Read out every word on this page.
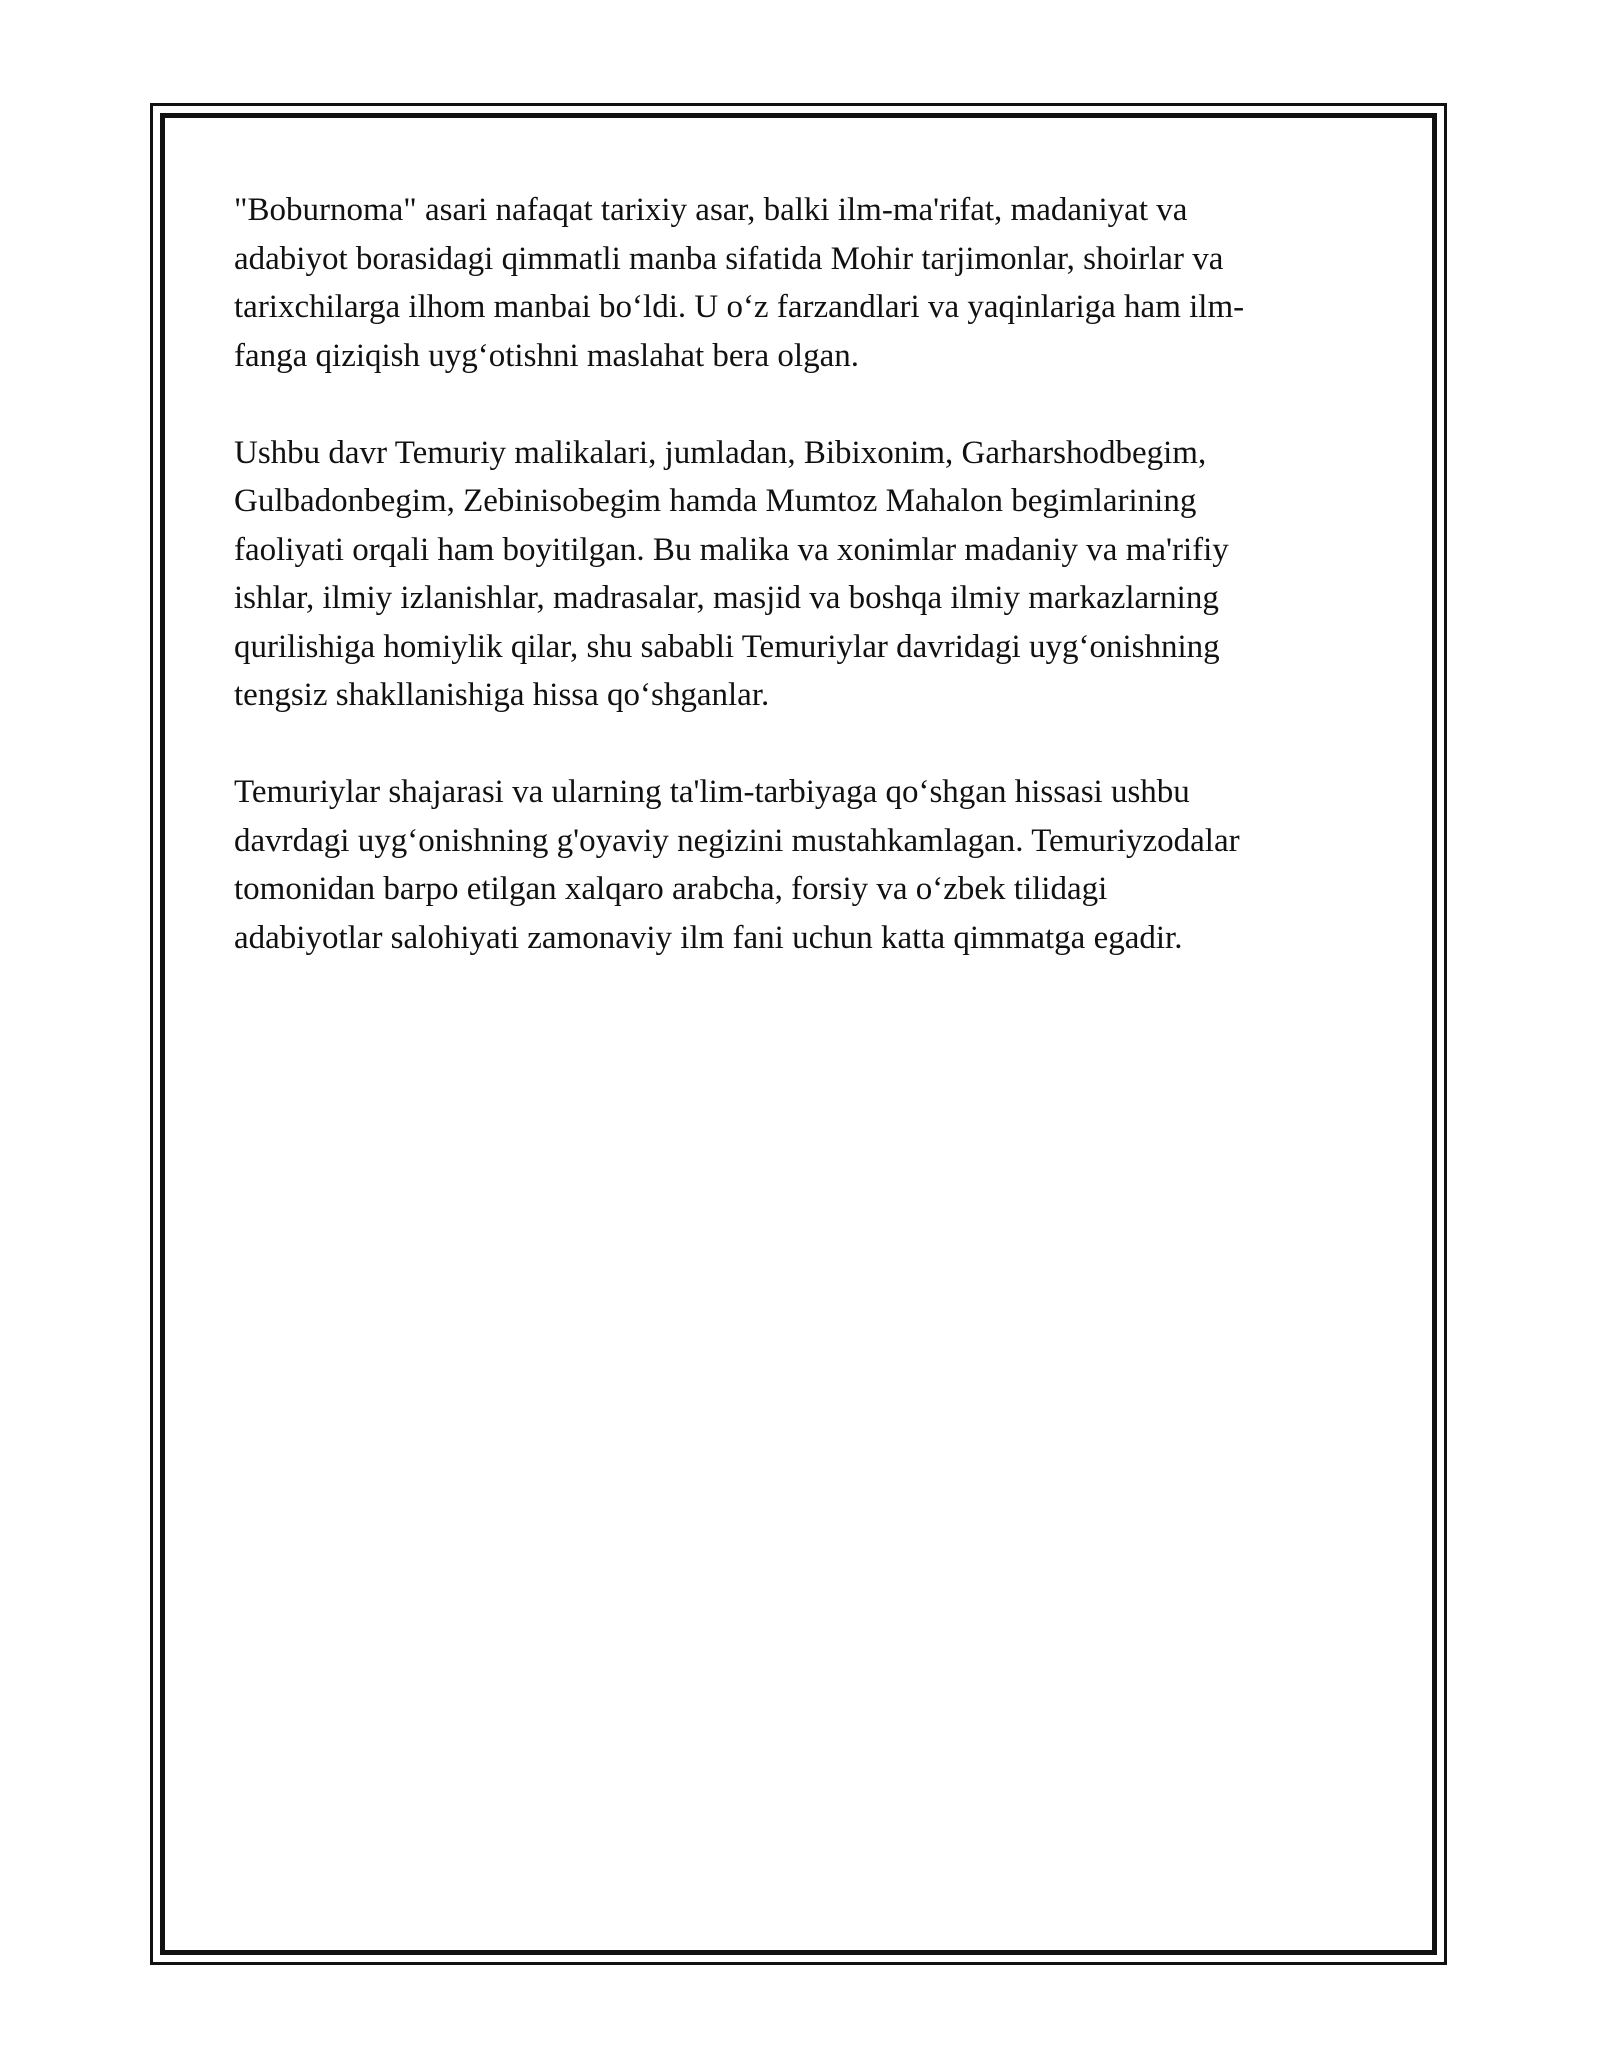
"Boburnoma" asari nafaqat tarixiy asar, balki ilm-ma'rifat, madaniyat va
adabiyot borasidagi qimmatli manba sifatida Mohir tarjimonlar, shoirlar va
tarixchilarga ilhom manbai bo‘ldi. U o‘z farzandlari va yaqinlariga ham ilm-
fanga qiziqish uyg‘otishni maslahat bera olgan.

Ushbu davr Temuriy malikalari, jumladan, Bibixonim, Garharshodbegim,
Gulbadonbegim, Zebinisobegim hamda Mumtoz Mahalon begimlarining
faoliyati orqali ham boyitilgan. Bu malika va xonimlar madaniy va ma'rifiy
ishlar, ilmiy izlanishlar, madrasalar, masjid va boshqa ilmiy markazlarning
qurilishiga homiylik qilar, shu sababli Temuriylar davridagi uyg‘onishning
tengsiz shakllanishiga hissa qo‘shganlar.

Temuriylar shajarasi va ularning ta'lim-tarbiyaga qo‘shgan hissasi ushbu
davrdagi uyg‘onishning g'oyaviy negizini mustahkamlagan. Temuriyzodalar
tomonidan barpo etilgan xalqaro arabcha, forsiy va o‘zbek tilidagi
adabiyotlar salohiyati zamonaviy ilm fani uchun katta qimmatga egadir.
